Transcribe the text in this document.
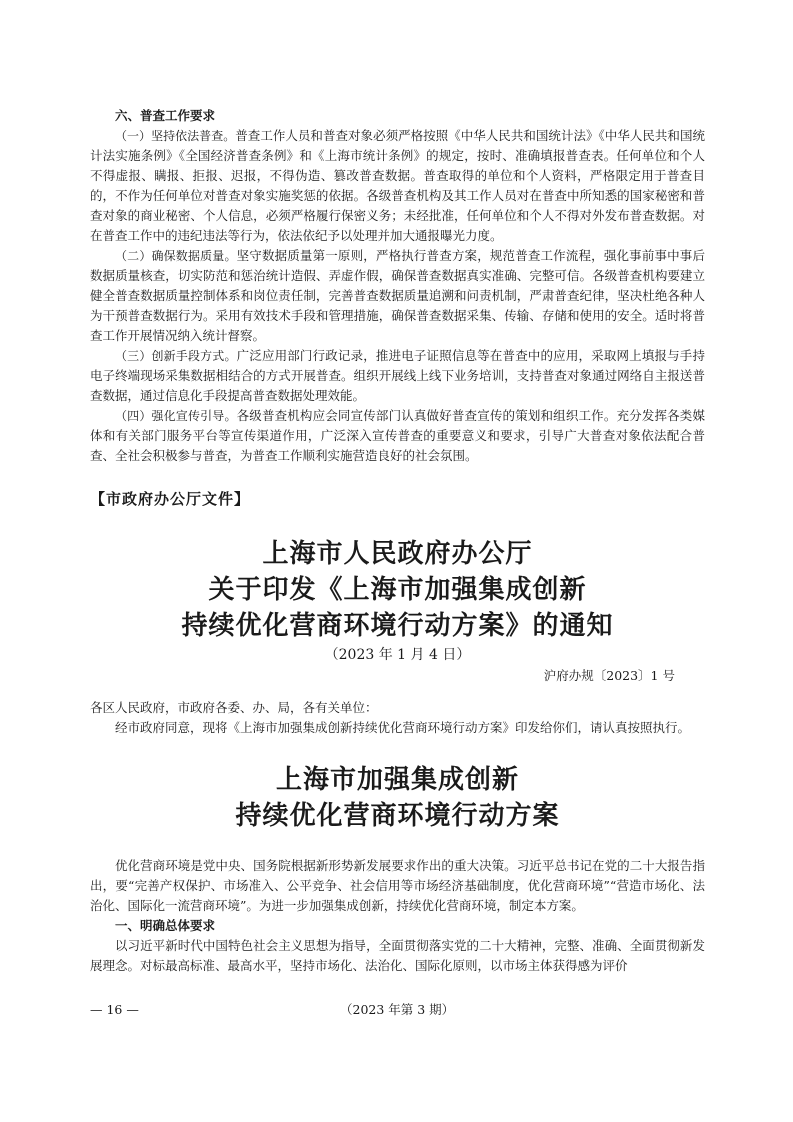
六、普查工作要求

（一）坚持依法普查。普查工作人员和普查对象必须严格按照《中华人民共和国统计法》《中华人民共和国统计法实施条例》《全国经济普查条例》和《上海市统计条例》的规定，按时、准确填报普查表。任何单位和个人不得虚报、瞒报、拒报、迟报，不得伪造、篡改普查数据。普查取得的单位和个人资料，严格限定用于普查目的，不作为任何单位对普查对象实施奖惩的依据。各级普查机构及其工作人员对在普查中所知悉的国家秘密和普查对象的商业秘密、个人信息，必须严格履行保密义务；未经批准，任何单位和个人不得对外发布普查数据。对在普查工作中的违纪违法等行为，依法依纪予以处理并加大通报曝光力度。

（二）确保数据质量。坚守数据质量第一原则，严格执行普查方案，规范普查工作流程，强化事前事中事后数据质量核查，切实防范和惩治统计造假、弄虚作假，确保普查数据真实准确、完整可信。各级普查机构要建立健全普查数据质量控制体系和岗位责任制，完善普查数据质量追溯和问责机制，严肃普查纪律，坚决杜绝各种人为干预普查数据行为。采用有效技术手段和管理措施，确保普查数据采集、传输、存储和使用的安全。适时将普查工作开展情况纳入统计督察。

（三）创新手段方式。广泛应用部门行政记录，推进电子证照信息等在普查中的应用，采取网上填报与手持电子终端现场采集数据相结合的方式开展普查。组织开展线上线下业务培训，支持普查对象通过网络自主报送普查数据，通过信息化手段提高普查数据处理效能。

（四）强化宣传引导。各级普查机构应会同宣传部门认真做好普查宣传的策划和组织工作。充分发挥各类媒体和有关部门服务平台等宣传渠道作用，广泛深入宣传普查的重要意义和要求，引导广大普查对象依法配合普查、全社会积极参与普查，为普查工作顺利实施营造良好的社会氛围。

【市政府办公厅文件】

上海市人民政府办公厅

关于印发《上海市加强集成创新

持续优化营商环境行动方案》的通知

（2023 年 1 月 4 日）

沪府办规〔2023〕1 号

各区人民政府，市政府各委、办、局，各有关单位：

经市政府同意，现将《上海市加强集成创新持续优化营商环境行动方案》印发给你们，请认真按照执行。

上海市加强集成创新

持续优化营商环境行动方案

优化营商环境是党中央、国务院根据新形势新发展要求作出的重大决策。习近平总书记在党的二十大报告指出，要“完善产权保护、市场准入、公平竞争、社会信用等市场经济基础制度，优化营商环境”“营造市场化、法治化、国际化一流营商环境”。为进一步加强集成创新，持续优化营商环境，制定本方案。

一、明确总体要求

以习近平新时代中国特色社会主义思想为指导，全面贯彻落实党的二十大精神，完整、准确、全面贯彻新发展理念。对标最高标准、最高水平，坚持市场化、法治化、国际化原则，以市场主体获得感为评价

— 16 —	（2023 年第 3 期）
